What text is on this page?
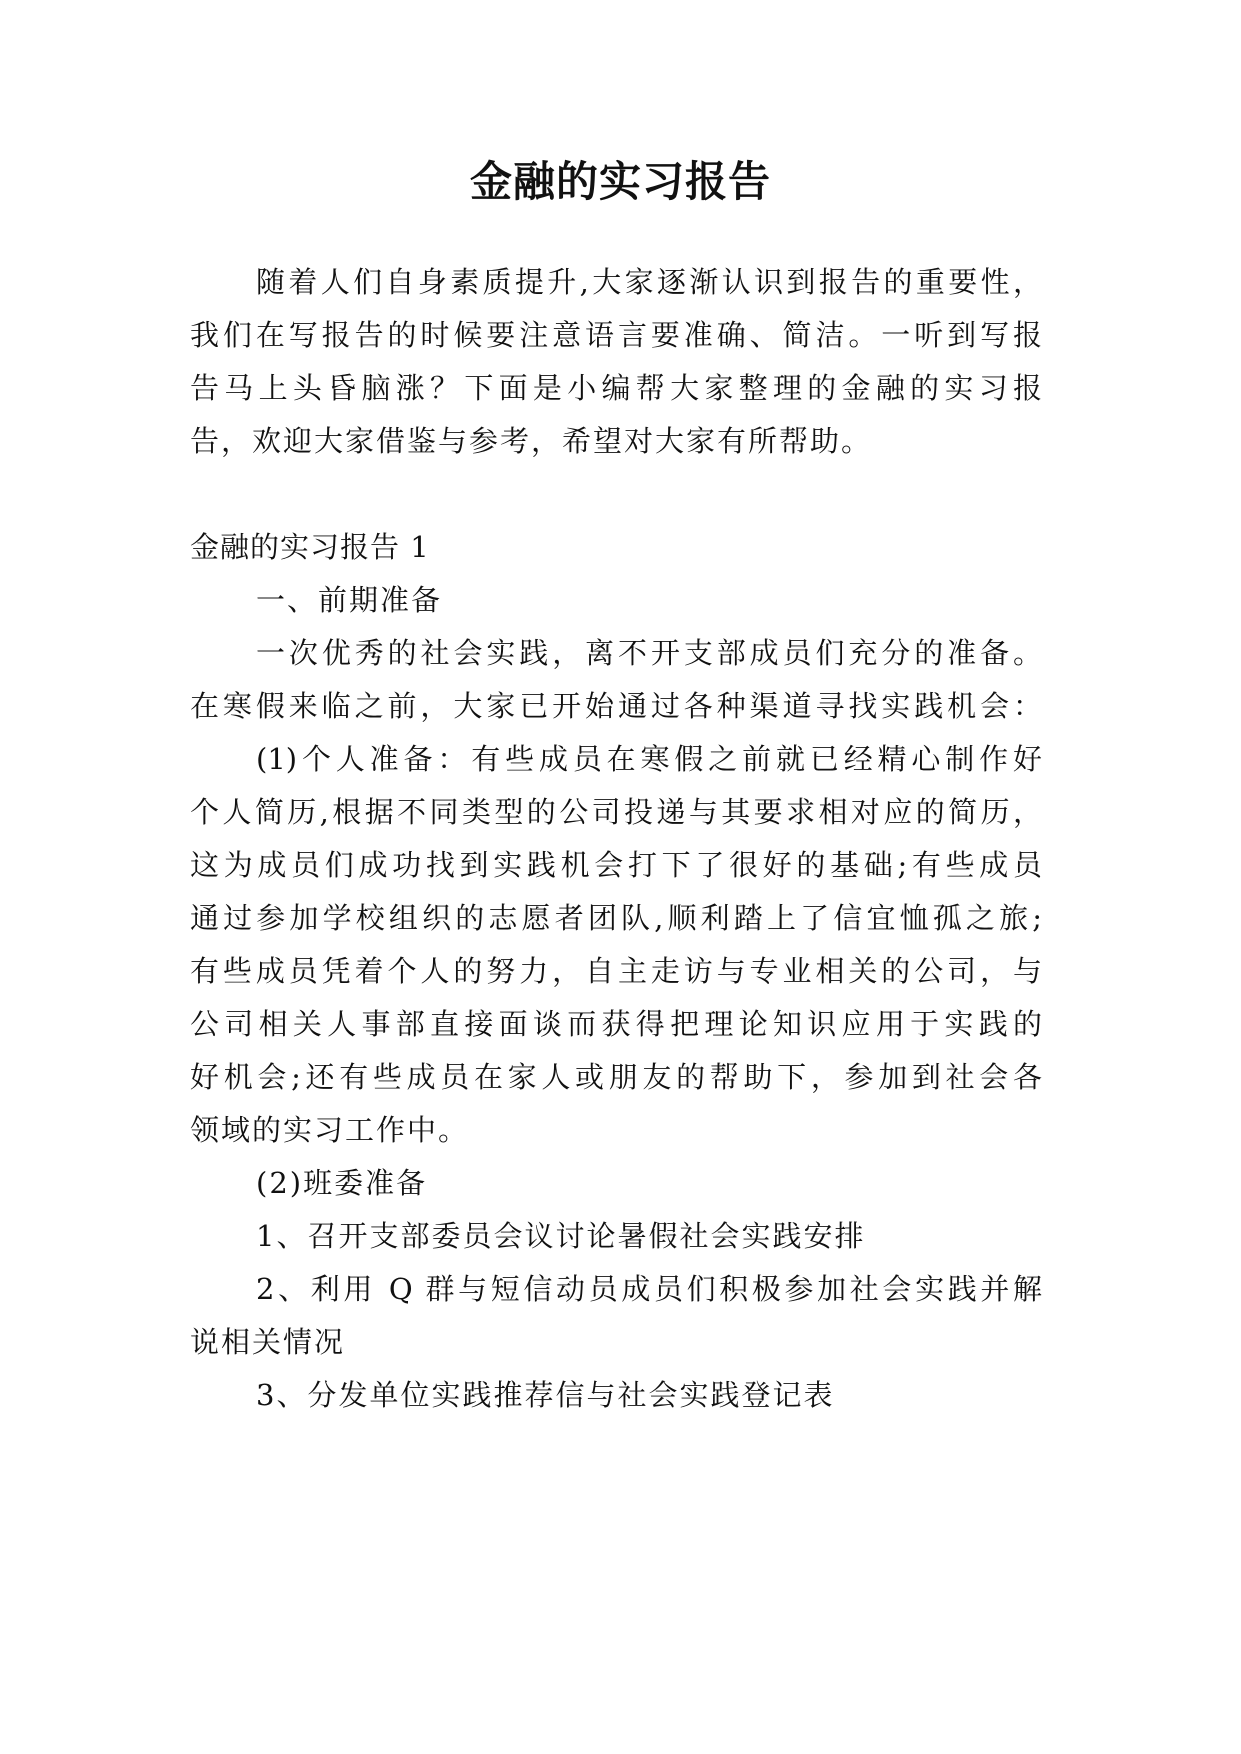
金融的实习报告
随着人们自身素质提升,大家逐渐认识到报告的重要性，
我们在写报告的时候要注意语言要准确、简洁。一听到写报
告马上头昏脑涨？下面是小编帮大家整理的金融的实习报
告，欢迎大家借鉴与参考，希望对大家有所帮助。
金融的实习报告 1
一、前期准备
一次优秀的社会实践，离不开支部成员们充分的准备。
在寒假来临之前，大家已开始通过各种渠道寻找实践机会：
(1)个人准备：有些成员在寒假之前就已经精心制作好
个人简历,根据不同类型的公司投递与其要求相对应的简历，
这为成员们成功找到实践机会打下了很好的基础;有些成员
通过参加学校组织的志愿者团队,顺利踏上了信宜恤孤之旅;
有些成员凭着个人的努力，自主走访与专业相关的公司，与
公司相关人事部直接面谈而获得把理论知识应用于实践的
好机会;还有些成员在家人或朋友的帮助下，参加到社会各
领域的实习工作中。
(2)班委准备
1、召开支部委员会议讨论暑假社会实践安排
2、利用 Q 群与短信动员成员们积极参加社会实践并解
说相关情况
3、分发单位实践推荐信与社会实践登记表
